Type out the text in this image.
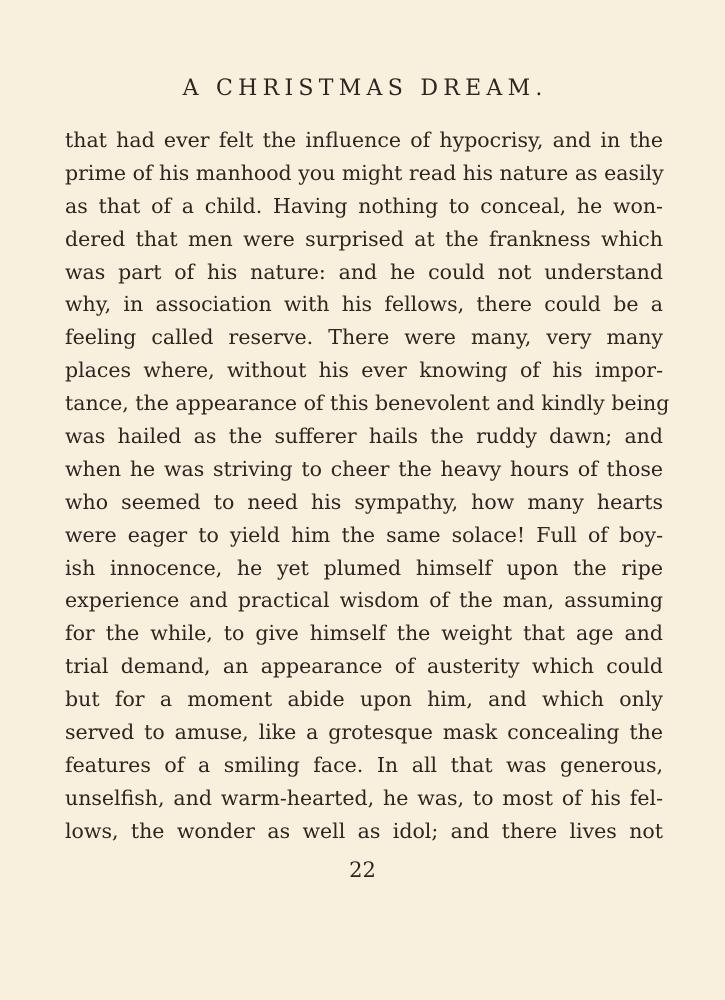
A CHRISTMAS DREAM.
that had ever felt the influence of hypocrisy, and in the
prime of his manhood you might read his nature as easily
as that of a child. Having nothing to conceal, he won-
dered that men were surprised at the frankness which
was part of his nature: and he could not understand
why, in association with his fellows, there could be a
feeling called reserve. There were many, very many
places where, without his ever knowing of his impor-
tance, the appearance of this benevolent and kindly being
was hailed as the sufferer hails the ruddy dawn; and
when he was striving to cheer the heavy hours of those
who seemed to need his sympathy, how many hearts
were eager to yield him the same solace! Full of boy-
ish innocence, he yet plumed himself upon the ripe
experience and practical wisdom of the man, assuming
for the while, to give himself the weight that age and
trial demand, an appearance of austerity which could
but for a moment abide upon him, and which only
served to amuse, like a grotesque mask concealing the
features of a smiling face. In all that was generous,
unselfish, and warm-hearted, he was, to most of his fel-
lows, the wonder as well as idol; and there lives not
22
